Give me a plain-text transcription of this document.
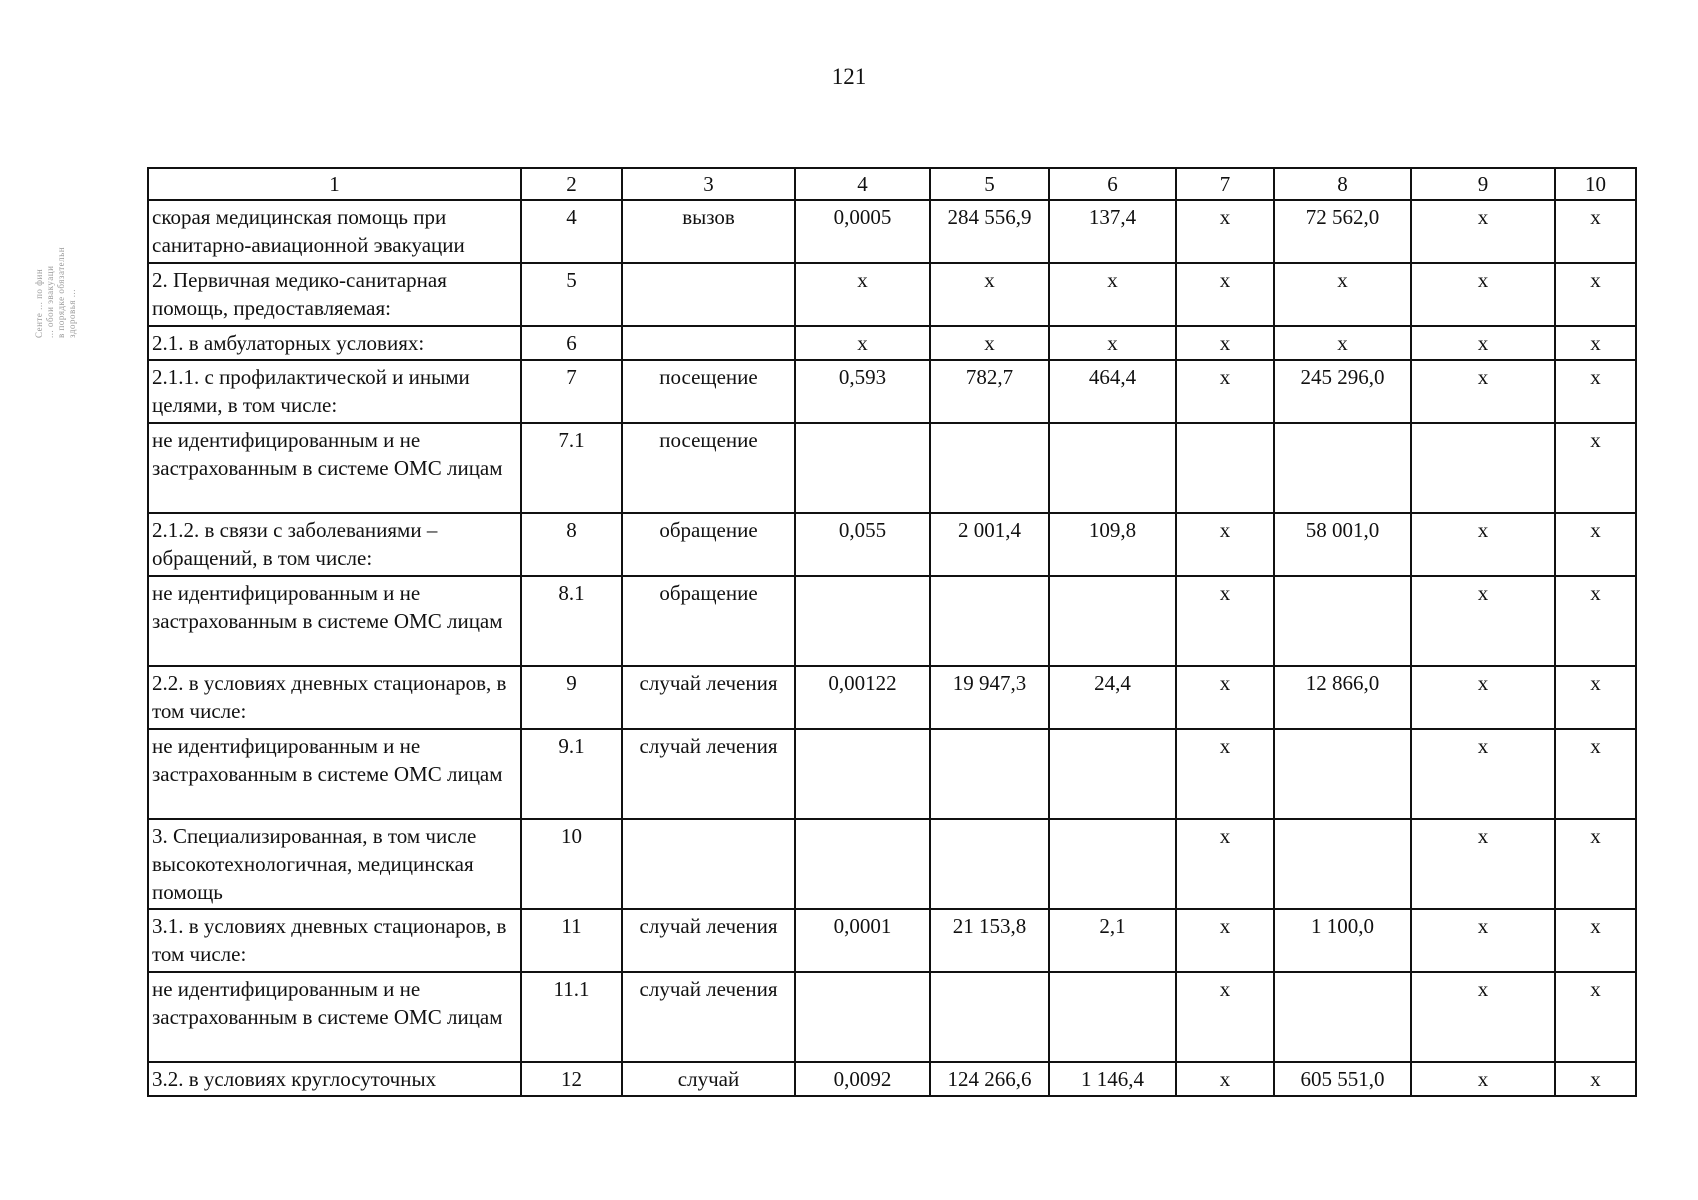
121
Сенте ... по фин ... обои эвакуаци в порядке обязательн здоровья ...
1	2	3	4	5	6	7	8	9	10
скорая медицинская помощь при санитарно-авиационной эвакуации	4	вызов	0,0005	284 556,9	137,4	х	72 562,0	х	х
2. Первичная медико-санитарная помощь, предоставляемая:	5		х	х	х	х	х	х	х
2.1. в амбулаторных условиях:	6		х	х	х	х	х	х	х
2.1.1. с профилактической и иными целями, в том числе:	7	посещение	0,593	782,7	464,4	х	245 296,0	х	х
не идентифицированным и не застрахованным в системе ОМС лицам	7.1	посещение							х
2.1.2. в связи с заболеваниями – обращений, в том числе:	8	обращение	0,055	2 001,4	109,8	х	58 001,0	х	х
не идентифицированным и не застрахованным в системе ОМС лицам	8.1	обращение				х		х	х
2.2. в условиях дневных стационаров, в том числе:	9	случай лечения	0,00122	19 947,3	24,4	х	12 866,0	х	х
не идентифицированным и не застрахованным в системе ОМС лицам	9.1	случай лечения				х		х	х
3. Специализированная, в том числе высокотехнологичная, медицинская помощь	10					х		х	х
3.1. в условиях дневных стационаров, в том числе:	11	случай лечения	0,0001	21 153,8	2,1	х	1 100,0	х	х
не идентифицированным и не застрахованным в системе ОМС лицам	11.1	случай лечения				х		х	х
3.2. в условиях круглосуточных	12	случай	0,0092	124 266,6	1 146,4	х	605 551,0	х	х
